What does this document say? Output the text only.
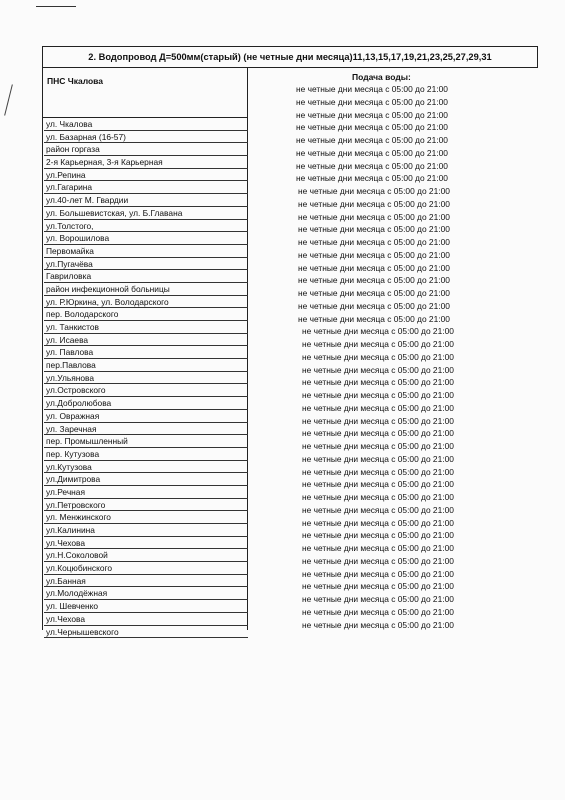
2. Водопровод Д=500мм(старый) (не четные дни месяца)11,13,15,17,19,21,23,25,27,29,31
ПНС Чкалова	Подача воды:
ул. Чкалова
ул. Базарная (16-57)
район горгаза
2-я Карьерная, 3-я Карьерная
ул.Репина
ул.Гагарина
ул.40-лет М. Гвардии
ул. Большевистская, ул. Б.Главана
ул.Толстого,
ул. Ворошилова
Первомайка
ул.Пугачёва
Гавриловка
район инфекционной больницы
ул. Р.Юркина, ул. Володарского
пер. Володарского
ул. Танкистов
ул. Исаева
ул. Павлова
пер.Павлова
ул.Ульянова
ул.Островского
ул.Добролюбова
ул. Овражная
ул. Заречная
пер. Промышленный
пер. Кутузова
ул.Кутузова
ул.Димитрова
ул.Речная
ул.Петровского
ул. Менжинского
ул.Калинина
ул.Чехова
ул.Н.Соколовой
ул.Коцюбинского
ул.Банная
ул.Молодёжная
ул. Шевченко
ул.Чехова
ул.Чернышевского
не четные дни месяца с 05:00 до 21:00
не четные дни месяца с 05:00 до 21:00
не четные дни месяца с 05:00 до 21:00
не четные дни месяца с 05:00 до 21:00
не четные дни месяца с 05:00 до 21:00
не четные дни месяца с 05:00 до 21:00
не четные дни месяца с 05:00 до 21:00
не четные дни месяца с 05:00 до 21:00
не четные дни месяца с 05:00 до 21:00
не четные дни месяца с 05:00 до 21:00
не четные дни месяца с 05:00 до 21:00
не четные дни месяца с 05:00 до 21:00
не четные дни месяца с 05:00 до 21:00
не четные дни месяца с 05:00 до 21:00
не четные дни месяца с 05:00 до 21:00
не четные дни месяца с 05:00 до 21:00
не четные дни месяца с 05:00 до 21:00
не четные дни месяца с 05:00 до 21:00
не четные дни месяца с 05:00 до 21:00
не четные дни месяца с 05:00 до 21:00
не четные дни месяца с 05:00 до 21:00
не четные дни месяца с 05:00 до 21:00
не четные дни месяца с 05:00 до 21:00
не четные дни месяца с 05:00 до 21:00
не четные дни месяца с 05:00 до 21:00
не четные дни месяца с 05:00 до 21:00
не четные дни месяца с 05:00 до 21:00
не четные дни месяца с 05:00 до 21:00
не четные дни месяца с 05:00 до 21:00
не четные дни месяца с 05:00 до 21:00
не четные дни месяца с 05:00 до 21:00
не четные дни месяца с 05:00 до 21:00
не четные дни месяца с 05:00 до 21:00
не четные дни месяца с 05:00 до 21:00
не четные дни месяца с 05:00 до 21:00
не четные дни месяца с 05:00 до 21:00
не четные дни месяца с 05:00 до 21:00
не четные дни месяца с 05:00 до 21:00
не четные дни месяца с 05:00 до 21:00
не четные дни месяца с 05:00 до 21:00
не четные дни месяца с 05:00 до 21:00
не четные дни месяца с 05:00 до 21:00
не четные дни месяца с 05:00 до 21:00
